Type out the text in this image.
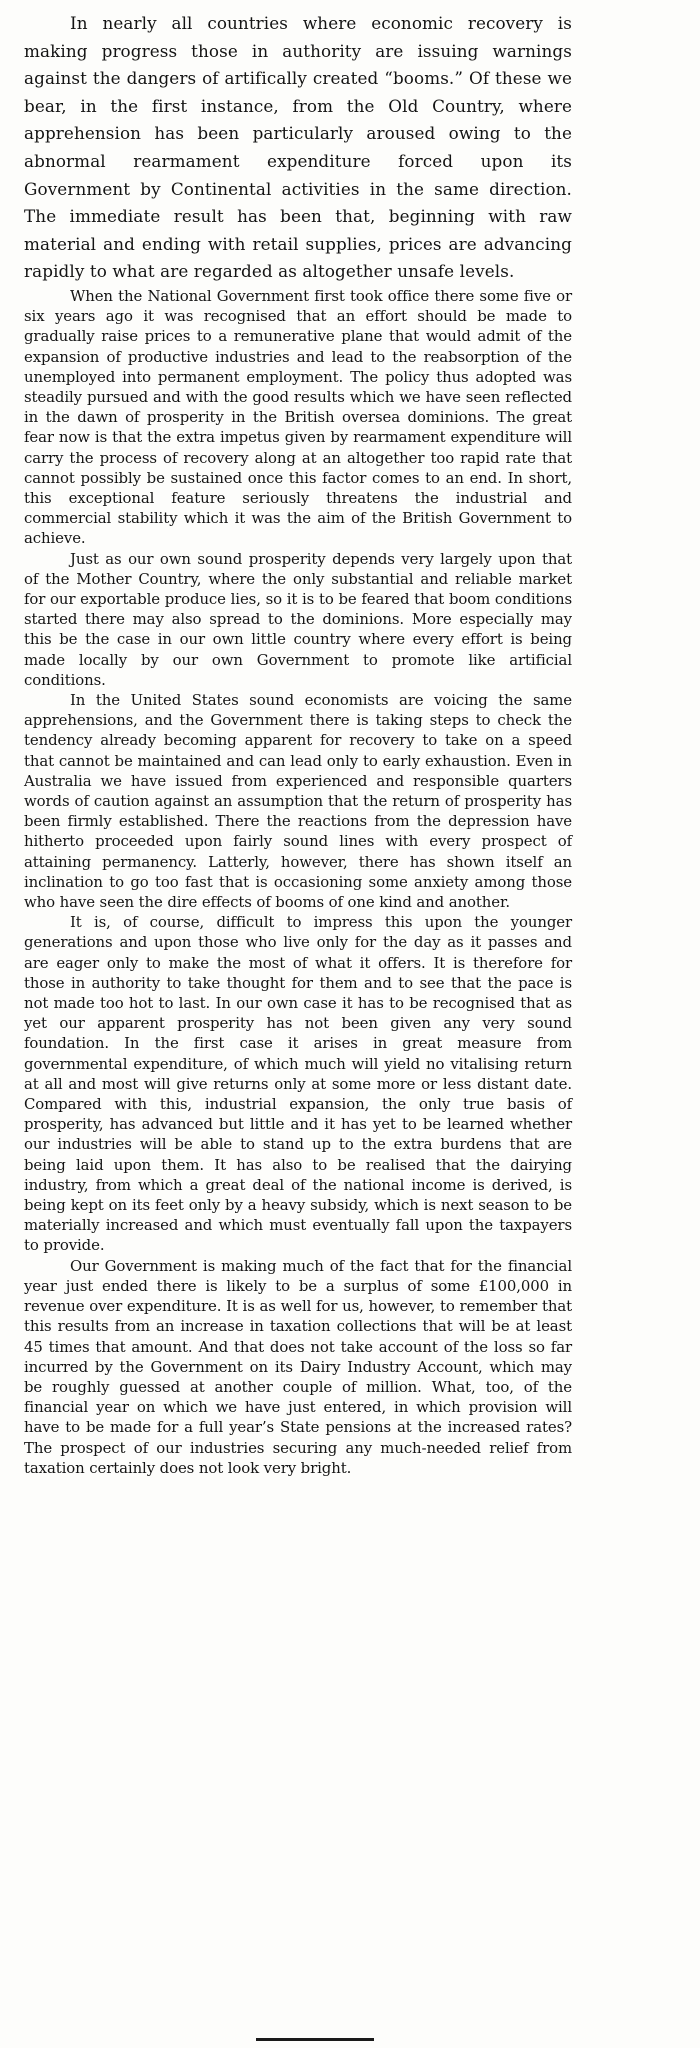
In nearly all countries where economic recovery is making progress those in authority are issuing warnings against the dangers of artifically created “booms.” Of these we bear, in the first instance, from the Old Country, where apprehension has been particularly aroused owing to the abnormal rearmament expenditure forced upon its Government by Continental activities in the same direction. The immediate result has been that, beginning with raw material and ending with retail supplies, prices are advancing rapidly to what are regarded as altogether unsafe levels.

When the National Government first took office there some five or six years ago it was recognised that an effort should be made to gradually raise prices to a remunerative plane that would admit of the expansion of productive industries and lead to the reabsorption of the unemployed into permanent employment. The policy thus adopted was steadily pursued and with the good results which we have seen reflected in the dawn of prosperity in the British oversea dominions. The great fear now is that the extra impetus given by rearmament expenditure will carry the process of recovery along at an altogether too rapid rate that cannot possibly be sustained once this factor comes to an end. In short, this exceptional feature seriously threatens the industrial and commercial stability which it was the aim of the British Government to achieve.

Just as our own sound prosperity depends very largely upon that of the Mother Country, where the only substantial and reliable market for our exportable produce lies, so it is to be feared that boom conditions started there may also spread to the dominions. More especially may this be the case in our own little country where every effort is being made locally by our own Government to promote like artificial conditions.

In the United States sound economists are voicing the same apprehensions, and the Government there is taking steps to check the tendency already becoming apparent for recovery to take on a speed that cannot be maintained and can lead only to early exhaustion. Even in Australia we have issued from experienced and responsible quarters words of caution against an assumption that the return of prosperity has been firmly established. There the reactions from the depression have hitherto proceeded upon fairly sound lines with every prospect of attaining permanency. Latterly, however, there has shown itself an inclination to go too fast that is occasioning some anxiety among those who have seen the dire effects of booms of one kind and another.

It is, of course, difficult to impress this upon the younger generations and upon those who live only for the day as it passes and are eager only to make the most of what it offers. It is therefore for those in authority to take thought for them and to see that the pace is not made too hot to last. In our own case it has to be recognised that as yet our apparent prosperity has not been given any very sound foundation. In the first case it arises in great measure from governmental expenditure, of which much will yield no vitalising return at all and most will give returns only at some more or less distant date. Compared with this, industrial expansion, the only true basis of prosperity, has advanced but little and it has yet to be learned whether our industries will be able to stand up to the extra burdens that are being laid upon them. It has also to be realised that the dairying industry, from which a great deal of the national income is derived, is being kept on its feet only by a heavy subsidy, which is next season to be materially increased and which must eventually fall upon the taxpayers to provide.

Our Government is making much of the fact that for the financial year just ended there is likely to be a surplus of some £100,000 in revenue over expenditure. It is as well for us, however, to remember that this results from an increase in taxation collections that will be at least 45 times that amount. And that does not take account of the loss so far incurred by the Government on its Dairy Industry Account, which may be roughly guessed at another couple of million. What, too, of the financial year on which we have just entered, in which provision will have to be made for a full year’s State pensions at the increased rates? The prospect of our industries securing any much-needed relief from taxation certainly does not look very bright.
